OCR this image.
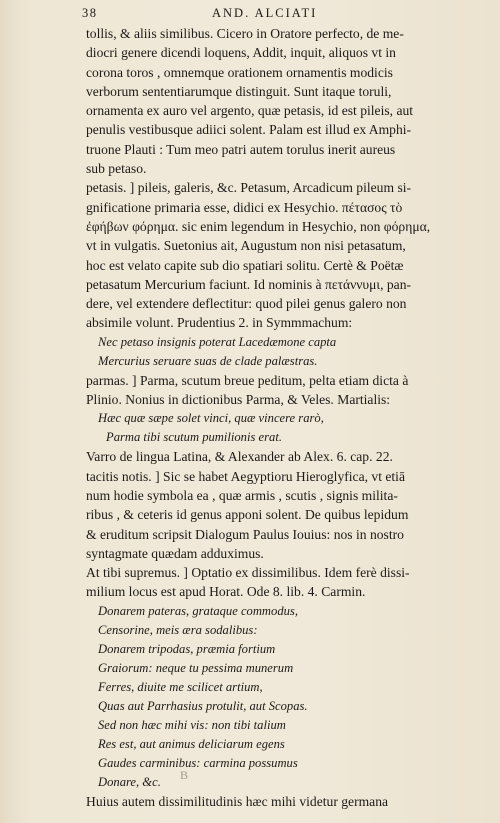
38	AND. ALCIATI
tollis, & aliis similibus. Cicero in Oratore perfecto, de me-
diocri genere dicendi loquens, Addit, inquit, aliquos vt in
corona toros , omnemque orationem ornamentis modicis
verborum sententiarumque distinguit. Sunt itaque toruli,
ornamenta ex auro vel argento, quæ petasis, id est pileis, aut
penulis vestibusque adiici solent. Palam est illud ex Amphi-
truone Plauti : Tum meo patri autem torulus inerit aureus
sub petaso.
petasis. ] pileis, galeris, &c. Petasum, Arcadicum pileum si-
gnificatione primaria esse, didici ex Hesychio. πέτασος τὸ
ἐφήβων φόρημα. sic enim legendum in Hesychio, non φόρημα,
vt in vulgatis. Suetonius ait, Augustum non nisi petasatum,
hoc est velato capite sub dio spatiari solitu. Certè & Poëtæ
petasatum Mercurium faciunt. Id nominis à πετάννυμι, pan-
dere, vel extendere deflectitur: quod pilei genus galero non
absimile volunt. Prudentius 2. in Symmmachum:
Nec petaso insignis poterat Lacedæmone capta
Mercurius seruare suas de clade palæstras.
parmas. ] Parma, scutum breue peditum, pelta etiam dicta à
Plinio. Nonius in dictionibus Parma, & Veles. Martialis:
Hæc quæ sæpe solet vinci, quæ vincere rarò,
Parma tibi scutum pumilionis erat.
Varro de lingua Latina, & Alexander ab Alex. 6. cap. 22.
tacitis notis. ] Sic se habet Aegyptioru Hieroglyfica, vt etiā
num hodie symbola ea , quæ armis , scutis , signis milita-
ribus , & ceteris id genus apponi solent. De quibus lepidum
& eruditum scripsit Dialogum Paulus Iouius: nos in nostro
syntagmate quædam adduximus.
At tibi supremus. ] Optatio ex dissimilibus. Idem ferè dissi-
milium locus est apud Horat. Ode 8. lib. 4. Carmin.
Donarem pateras, grataque commodus,
Censorine, meis æra sodalibus:
Donarem tripodas, præmia fortium
Graiorum: neque tu pessima munerum
Ferres, diuite me scilicet artium,
Quas aut Parrhasius protulit, aut Scopas.
Sed non hæc mihi vis: non tibi talium
Res est, aut animus deliciarum egens
Gaudes carminibus: carmina possumus
Donare, &c.
Huius autem dissimilitudinis hæc mihi videtur germana
B
